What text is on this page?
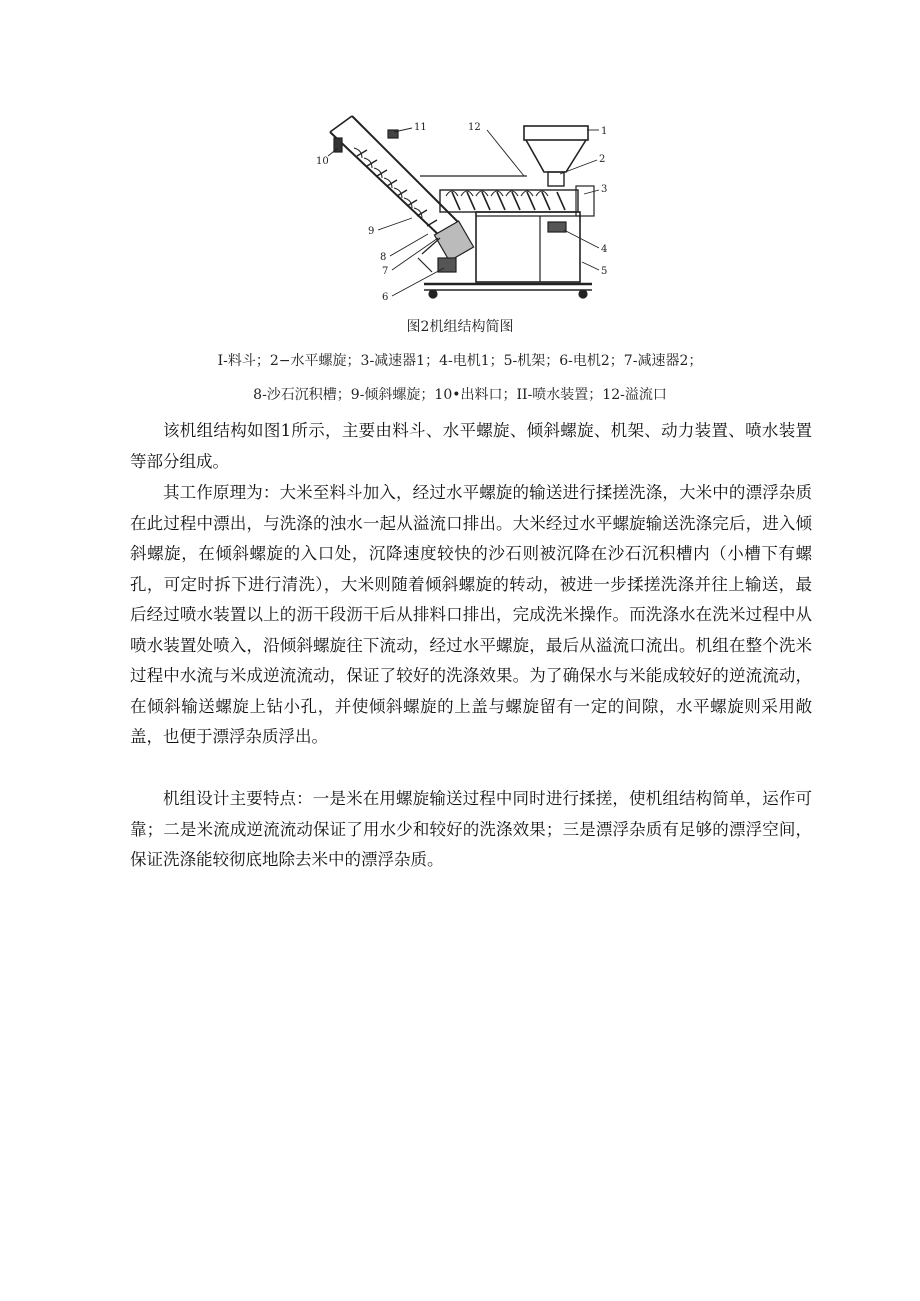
1
2
3
4
5
6
7
8
9
10
11	12
图2机组结构简图
I-料斗；2−水平螺旋；3-减速器1；4-电机1；5-机架；6-电机2；7-减速器2；
8-沙石沉积槽；9-倾斜螺旋；10•出料口；II-喷水装置；12-溢流口

该机组结构如图1所示，主要由料斗、水平螺旋、倾斜螺旋、机架、动力装置、喷水装置等部分组成。

其工作原理为：大米至料斗加入，经过水平螺旋的输送进行揉搓洗涤，大米中的漂浮杂质在此过程中漂出，与洗涤的浊水一起从溢流口排出。大米经过水平螺旋输送洗涤完后，进入倾斜螺旋，在倾斜螺旋的入口处，沉降速度较快的沙石则被沉降在沙石沉积槽内（小槽下有螺孔，可定时拆下进行清洗），大米则随着倾斜螺旋的转动，被进一步揉搓洗涤并往上输送，最后经过喷水装置以上的沥干段沥干后从排料口排出，完成洗米操作。而洗涤水在洗米过程中从喷水装置处喷入，沿倾斜螺旋往下流动，经过水平螺旋，最后从溢流口流出。机组在整个洗米过程中水流与米成逆流流动，保证了较好的洗涤效果。为了确保水与米能成较好的逆流流动，在倾斜输送螺旋上钻小孔，并使倾斜螺旋的上盖与螺旋留有一定的间隙，水平螺旋则采用敞盖，也便于漂浮杂质浮出。

机组设计主要特点：一是米在用螺旋输送过程中同时进行揉搓，使机组结构简单，运作可靠；二是米流成逆流流动保证了用水少和较好的洗涤效果；三是漂浮杂质有足够的漂浮空间，保证洗涤能较彻底地除去米中的漂浮杂质。
